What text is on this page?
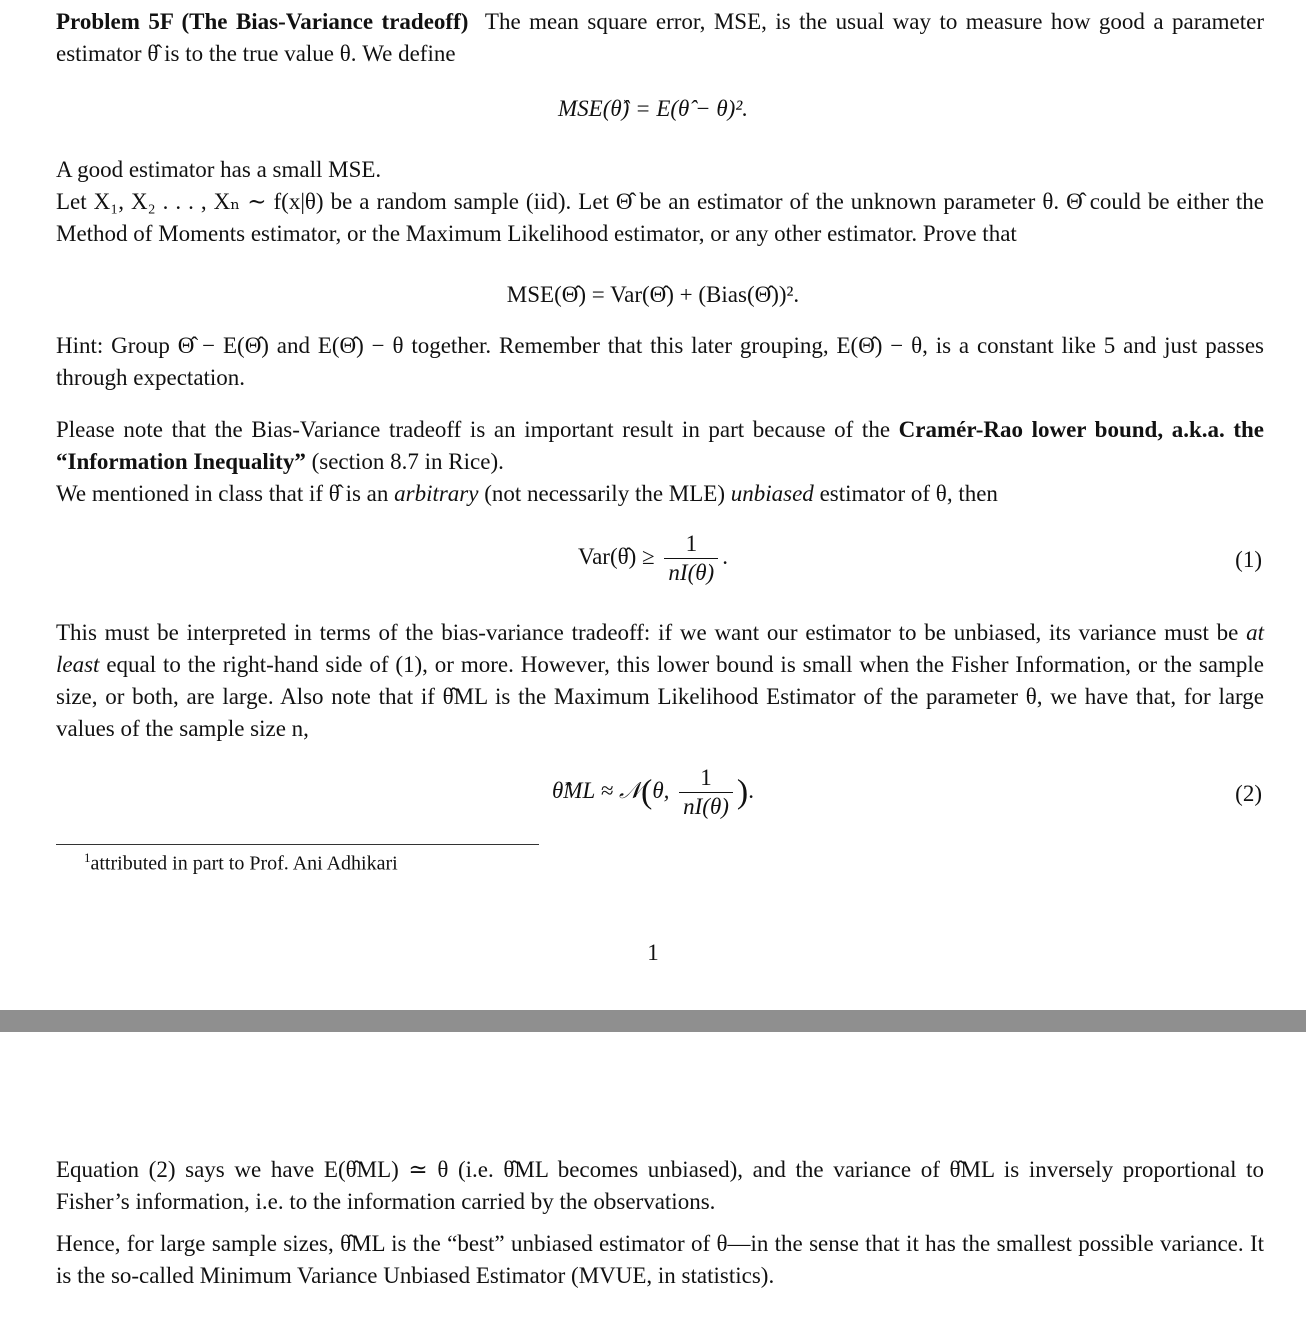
Problem 5F (The Bias-Variance tradeoff) The mean square error, MSE, is the usual way to measure how good a parameter estimator θ̂ is to the true value θ. We define
MSE(θ̂) = E(θ̂ − θ)².
A good estimator has a small MSE.
Let X₁, X₂ . . . , Xₙ ∼ f(x|θ) be a random sample (iid). Let Θ̂ be an estimator of the unknown parameter θ. Θ̂ could be either the Method of Moments estimator, or the Maximum Likelihood estimator, or any other estimator. Prove that
MSE(Θ̂) = Var(Θ̂) + (Bias(Θ̂))².
Hint: Group Θ̂ − E(Θ̂) and E(Θ̂) − θ together. Remember that this later grouping, E(Θ̂) − θ, is a constant like 5 and just passes through expectation.
Please note that the Bias-Variance tradeoff is an important result in part because of the Cramér-Rao lower bound, a.k.a. the “Information Inequality” (section 8.7 in Rice).
We mentioned in class that if θ̂ is an arbitrary (not necessarily the MLE) unbiased estimator of θ, then
Var(θ̂) ≥ $\frac{1}{nI(\theta)}$ .	(1)
This must be interpreted in terms of the bias-variance tradeoff: if we want our estimator to be unbiased, its variance must be at least equal to the right-hand side of (1), or more. However, this lower bound is small when the Fisher Information, or the sample size, or both, are large. Also note that if θ̂ML is the Maximum Likelihood Estimator of the parameter θ, we have that, for large values of the sample size n,
θ̂ML ≈ 𝒩(θ, $\frac{1}{nI(\theta)}$ ).	(2)
$^1$attributed in part to Prof. Ani Adhikari
1
Equation (2) says we have E(θ̂ML) ≃ θ (i.e. θ̂ML becomes unbiased), and the variance of θ̂ML is inversely proportional to Fisher’s information, i.e. to the information carried by the observations.
Hence, for large sample sizes, θ̂ML is the “best” unbiased estimator of θ—in the sense that it has the smallest possible variance. It is the so-called Minimum Variance Unbiased Estimator (MVUE, in statistics).
